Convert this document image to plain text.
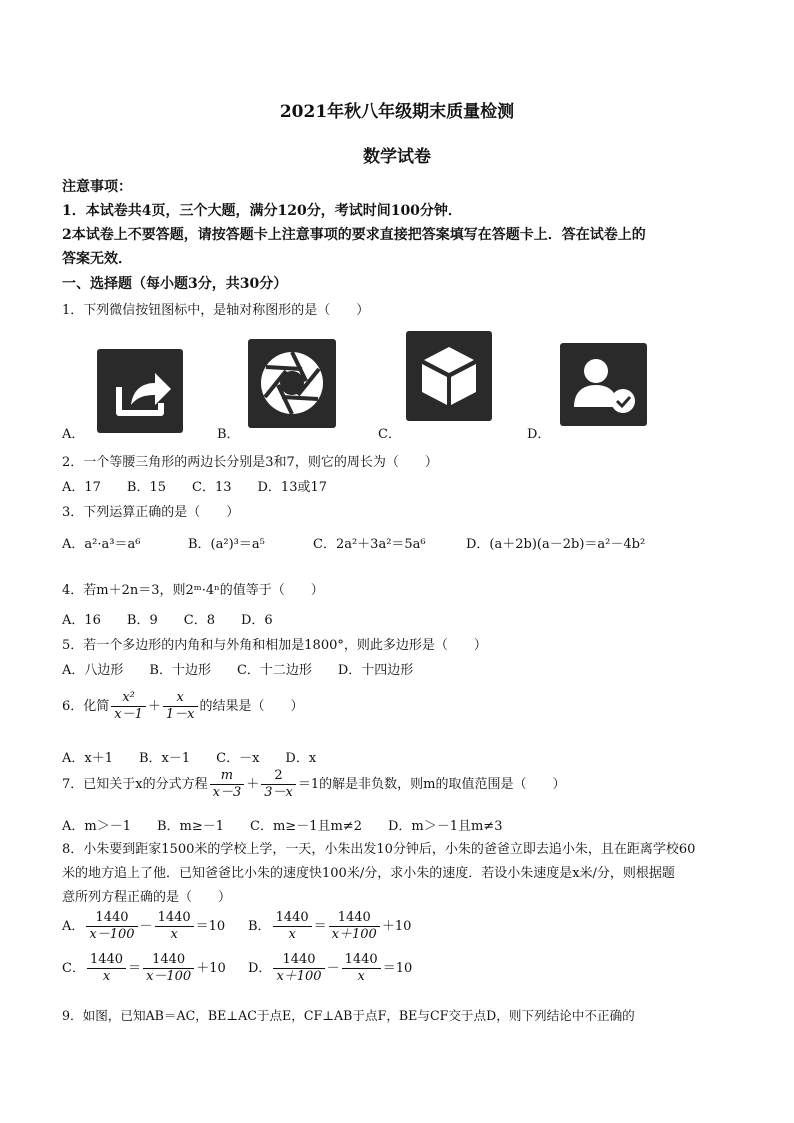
2021年秋八年级期末质量检测
数学试卷
注意事项：
1．本试卷共4页，三个大题，满分120分，考试时间100分钟．
2本试卷上不要答题，请按答题卡上注意事项的要求直接把答案填写在答题卡上．答在试卷上的
答案无效．
一、选择题（每小题3分，共30分）
1．下列微信按钮图标中，是轴对称图形的是（　　）
A．	B．	C．	D．
2．一个等腰三角形的两边长分别是3和7，则它的周长为（　　）
A．17　　B．15　　C．13　　D．13或17
3．下列运算正确的是（　　）
A．a²·a³＝a⁶	B．(a²)³＝a⁵	C．2a²＋3a²＝5a⁶	D．(a＋2b)(a－2b)＝a²－4b²
4．若m＋2n＝3，则2ᵐ·4ⁿ的值等于（　　）
A．16　　B．9　　C．8　　D．6
5．若一个多边形的内角和与外角和相加是1800°，则此多边形是（　　）
A．八边形　　B．十边形　　C．十二边形　　D．十四边形
6．化简 $\frac{\text{x²}}{x-1} + \frac{x}{1-x}$ 的结果是（　　）
A．x＋1　　B．x－1　　C．－x　　D．x
7．已知关于x的分式方程 $\frac{m}{x-3} + \frac{2}{3-x} =1$的解是非负数，则m的取值范围是（　　）
A．m＞－1　　B．m≥－1　　C．m≥－1且m≠2　　D．m＞－1且m≠3
8．小朱要到距家1500米的学校上学，一天，小朱出发10分钟后，小朱的爸爸立即去追小朱，且在距离学校60
米的地方追上了他．已知爸爸比小朱的速度快100米/分，求小朱的速度．若设小朱速度是x米/分，则根据题
意所列方程正确的是（　　）
A． $\frac{1440}{x-100} - \frac{1440}{x} =10$ B． $\frac{1440}{x} = \frac{1440}{x+100} +10$
C． $\frac{1440}{x} = \frac{1440}{x-100} +10$ D． $\frac{1440}{x+100} - \frac{1440}{x} =10$
9．如图，已知AB＝AC，BE⊥AC于点E，CF⊥AB于点F，BE与CF交于点D，则下列结论中不正确的
